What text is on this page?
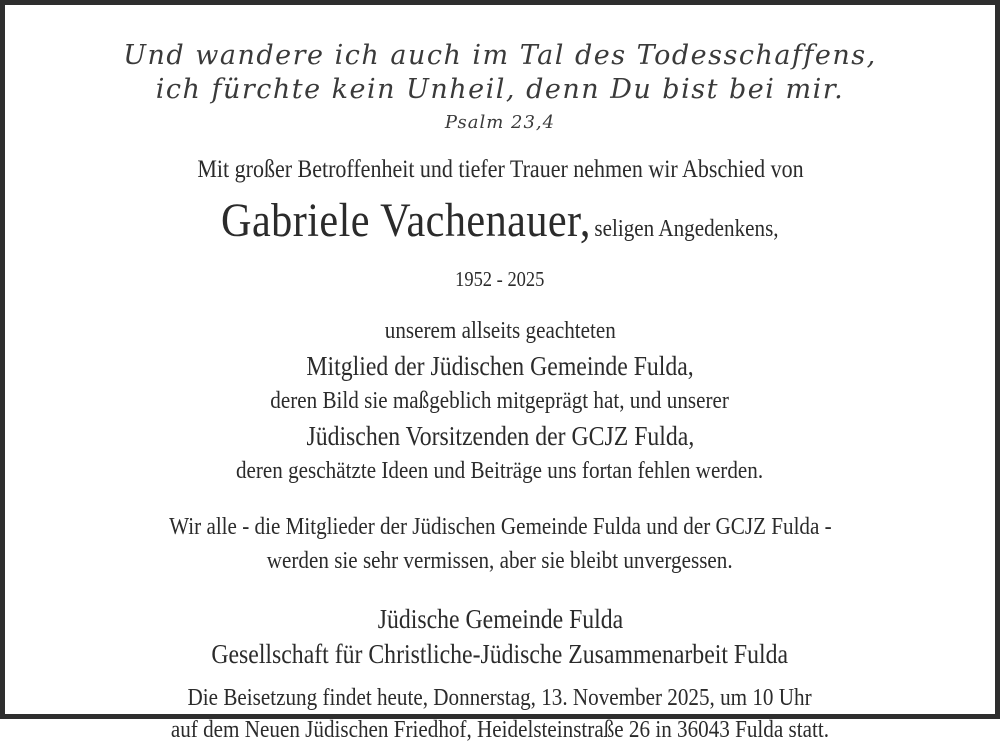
Und wandere ich auch im Tal des Todesschaffens,
ich fürchte kein Unheil, denn Du bist bei mir.
Psalm 23,4
Mit großer Betroffenheit und tiefer Trauer nehmen wir Abschied von
Gabriele Vachenauer, seligen Angedenkens,
1952 - 2025
unserem allseits geachteten
Mitglied der Jüdischen Gemeinde Fulda,
deren Bild sie maßgeblich mitgeprägt hat, und unserer
Jüdischen Vorsitzenden der GCJZ Fulda,
deren geschätzte Ideen und Beiträge uns fortan fehlen werden.
Wir alle - die Mitglieder der Jüdischen Gemeinde Fulda und der GCJZ Fulda -
werden sie sehr vermissen, aber sie bleibt unvergessen.
Jüdische Gemeinde Fulda
Gesellschaft für Christliche-Jüdische Zusammenarbeit Fulda
Die Beisetzung findet heute, Donnerstag, 13. November 2025, um 10 Uhr
auf dem Neuen Jüdischen Friedhof, Heidelsteinstraße 26 in 36043 Fulda statt.
